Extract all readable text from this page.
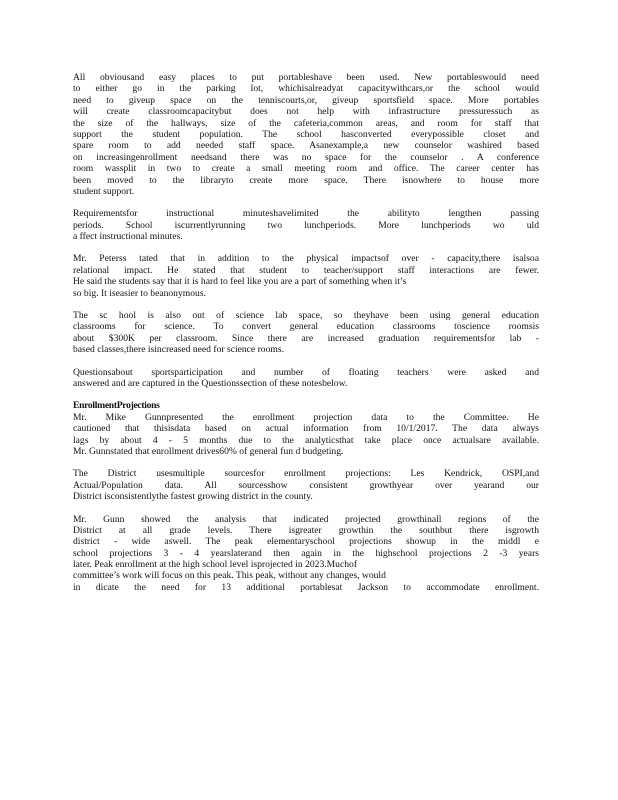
All obviousand easy places to put portableshave been used. New portableswould need
to either go in the parking lot, whichisalreadyat capacitywithcars,or the school would
need to giveup space on the tenniscourts,or, giveup sportsfield space. More portables
will create classroomcapacitybut does not help with infrastructure pressuressuch as
the size of the hallways, size of the cafeteria,common areas, and room for staff that
support the student population. The school hasconverted everypossible closet and
spare room to add needed staff space. Asanexample,a new counselor washired based
on increasingenrollment needsand there was no space for the counselor . A conference
room wassplit in two to create a small meeting room and office. The career center has
been moved to the libraryto create more space. There isnowhere to house more
student support.
Requirementsfor instructional minuteshavelimited the abilityto lengthen passing
periods. School iscurrentlyrunning two lunchperiods. More lunchperiods wo uld
a ffect instructional minutes.
Mr. Peterss tated that in addition to the physical impactsof over - capacity,there isalsoa
relational impact. He stated that student to teacher/support staff interactions are fewer.
He said the students say that it is hard to feel like you are a part of something when it’s
so big. It iseasier to beanonymous.
The sc hool is also out of science lab space, so theyhave been using general education
classrooms for science. To convert general education classrooms toscience roomsis
about $300K per classroom. Since there are increased graduation requirementsfor lab -
based classes,there isincreased need for science rooms.
Questionsabout sportsparticipation and number of floating teachers were asked and
answered and are captured in the Questionssection of these notesbelow.
EnrollmentProjections
Mr. Mike Gunnpresented the enrollment projection data to the Committee. He
cautioned that thisisdata based on actual information from 10/1/2017. The data always
lags by about 4 - 5 months due to the analyticsthat take place once actualsare available.
Mr. Gunnstated that enrollment drives60% of general fun d budgeting.
The District usesmultiple sourcesfor enrollment projections: Les Kendrick, OSPI,and
Actual/Population data. All sourcesshow consistent growthyear over yearand our
District isconsistentlythe fastest growing district in the county.
Mr. Gunn showed the analysis that indicated projected growthinall regions of the
District at all grade levels. There isgreater growthin the southbut there isgrowth
district - wide aswell. The peak elementaryschool projections showup in the middl e
school projections 3 - 4 yearslaterand then again in the highschool projections 2 -3 years
later. Peak enrollment at the high school level isprojected in 2023.Muchof
committee’s work will focus on this peak. This peak, without any changes, would
in dicate the need for 13 additional portablesat Jackson to accommodate enrollment.
